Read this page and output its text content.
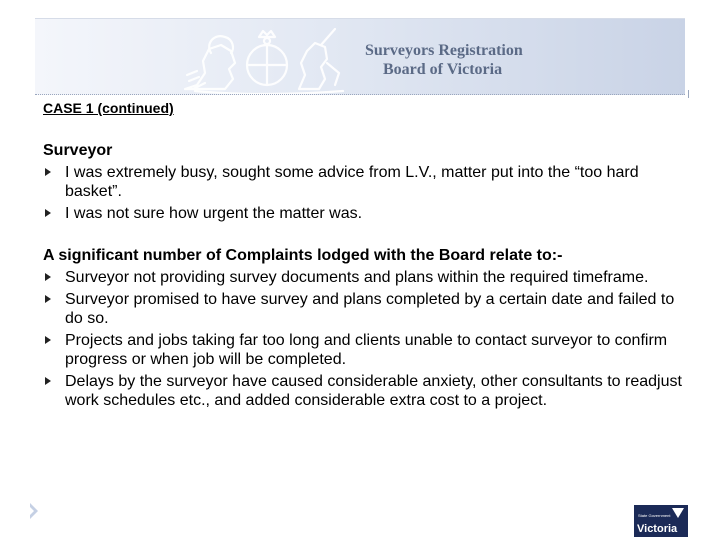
Surveyors Registration
Board of Victoria

CASE 1 (continued)

Surveyor

I was extremely busy, sought some advice from L.V., matter put into the “too hard basket”.
I was not sure how urgent the matter was.

A significant number of Complaints lodged with the Board relate to:-

Surveyor not providing survey documents and plans within the required timeframe.
Surveyor promised to have survey and plans completed by a certain date and failed to do so.
Projects and jobs taking far too long and clients unable to contact surveyor to confirm progress or when job will be completed.
Delays by the surveyor have caused considerable anxiety, other consultants to readjust work schedules etc., and added considerable extra cost to a project.
State Government
Victoria
